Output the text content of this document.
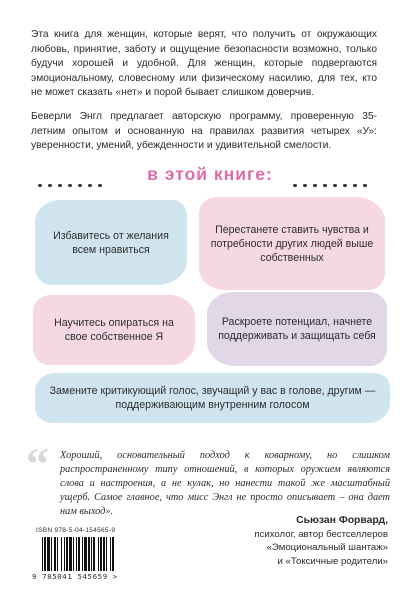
Эта книга для женщин, которые верят, что получить от окружающих любовь, принятие, заботу и ощущение безопасности возможно, только будучи хорошей и удобной. Для женщин, которые подвергаются эмоциональному, словесному или физическому насилию, для тех, кто не может сказать «нет» и порой бывает слишком доверчив.

Беверли Энгл предлагает авторскую программу, проверенную 35-летним опытом и основанную на правилах развития четырех «У»: уверенности, умений, убежденности и удивительной смелости.

в этой книге:
Избавитесь от желания всем нравиться
Перестанете ставить чувства и потребности других людей выше собственных
Научитесь опираться на свое собственное Я
Раскроете потенциал, начнете поддерживать и защищать себя
Замените критикующий голос, звучащий у вас в голове, другим — поддерживающим внутренним голосом
“ Хороший, основательный подход к коварному, но слишком распространенному типу отношений, в которых оружием являются слова и настроения, а не кулак, но нанести такой же масштабный ущерб. Самое главное, что мисс Энгл не просто описывает – она дает нам выход».
ISBN 978-5-04-154565-9
9 785041 545659 >
Сьюзан Форвард,
психолог, автор бестселлеров
«Эмоциональный шантаж»
и «Токсичные родители»
